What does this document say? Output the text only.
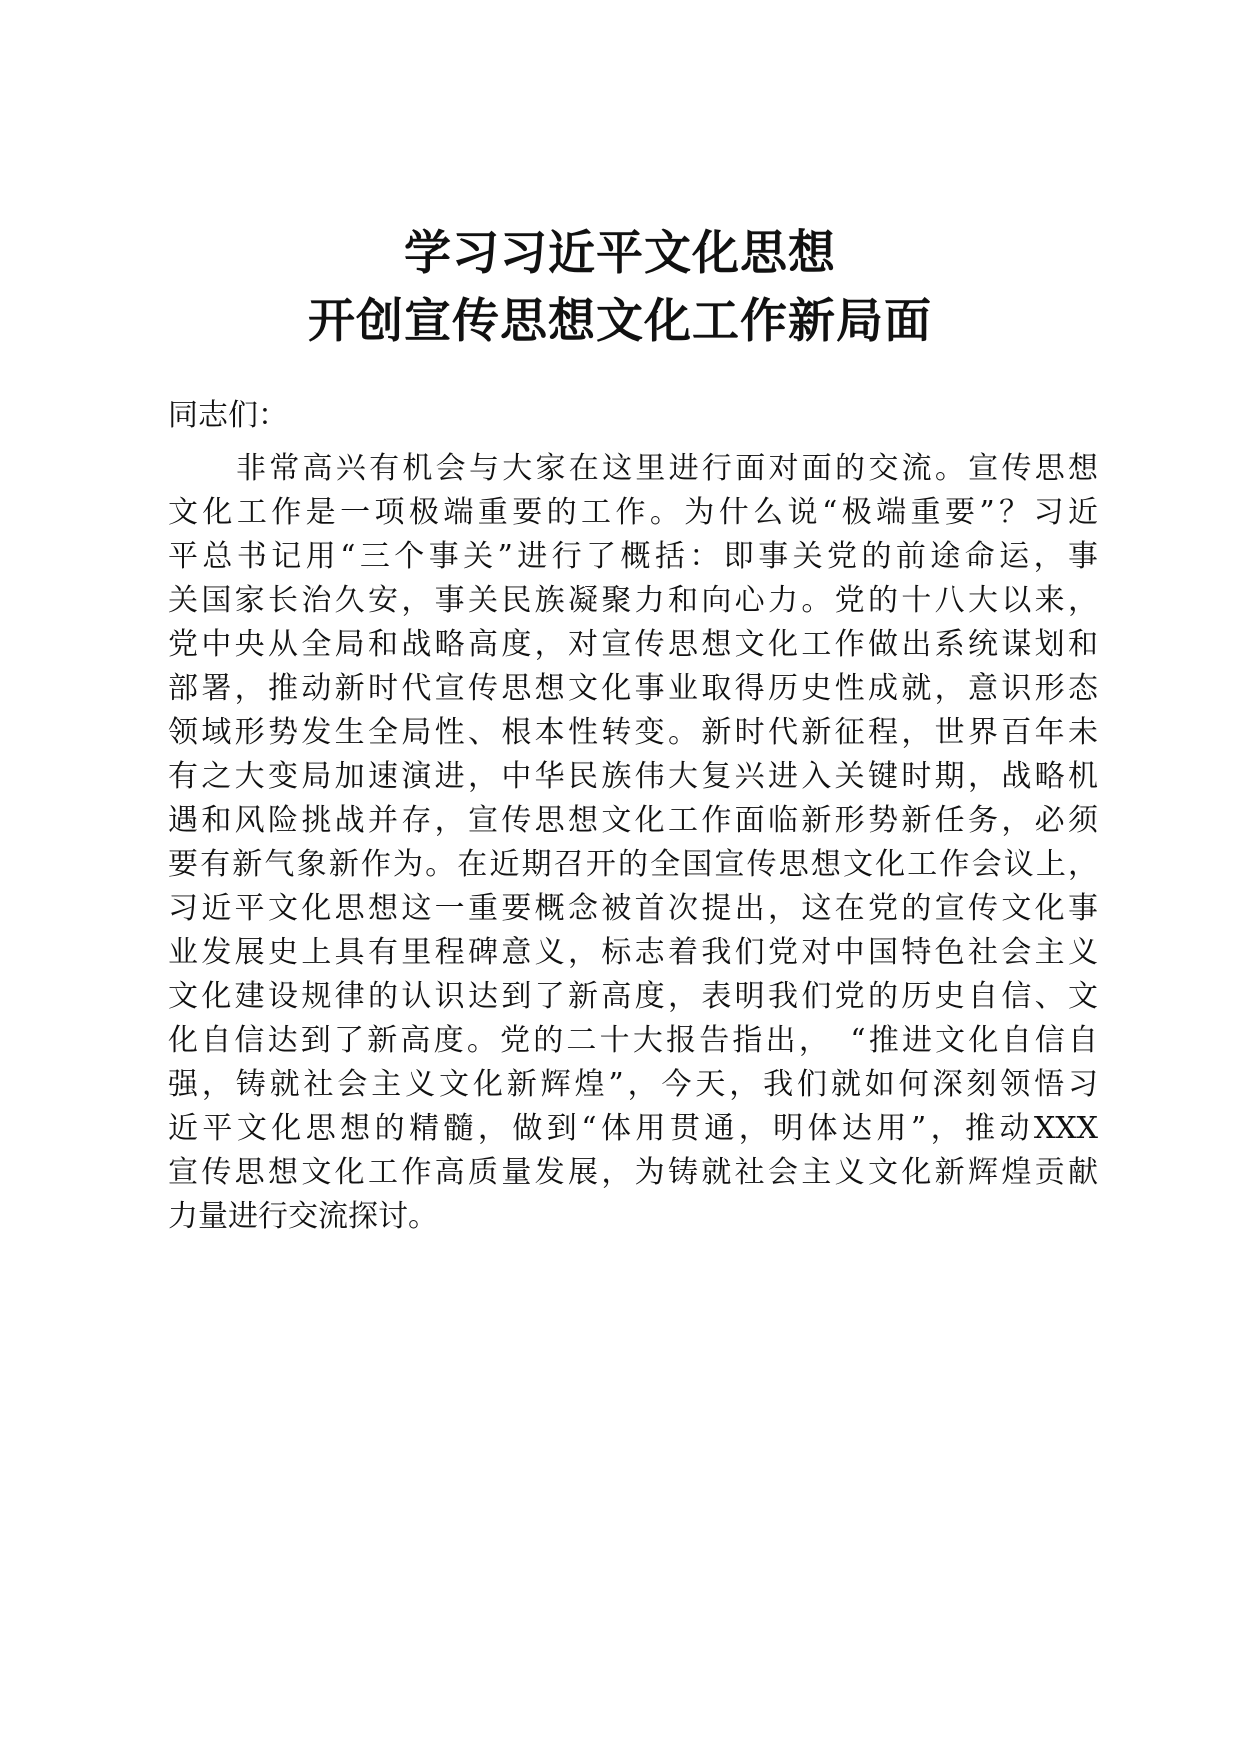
学习习近平文化思想
开创宣传思想文化工作新局面

同志们：

非常高兴有机会与大家在这里进行面对面的交流。宣传思想
文化工作是一项极端重要的工作。为什么说“极端重要”？习近
平总书记用“三个事关”进行了概括：即事关党的前途命运，事
关国家长治久安，事关民族凝聚力和向心力。党的十八大以来，
党中央从全局和战略高度，对宣传思想文化工作做出系统谋划和
部署，推动新时代宣传思想文化事业取得历史性成就，意识形态
领域形势发生全局性、根本性转变。新时代新征程，世界百年未
有之大变局加速演进，中华民族伟大复兴进入关键时期，战略机
遇和风险挑战并存，宣传思想文化工作面临新形势新任务，必须
要有新气象新作为。在近期召开的全国宣传思想文化工作会议上，
习近平文化思想这一重要概念被首次提出，这在党的宣传文化事
业发展史上具有里程碑意义，标志着我们党对中国特色社会主义
文化建设规律的认识达到了新高度，表明我们党的历史自信、文
化自信达到了新高度。党的二十大报告指出，　“推进文化自信自
强，铸就社会主义文化新辉煌”，今天，我们就如何深刻领悟习
近平文化思想的精髓，做到“体用贯通，明体达用”，推动XXX
宣传思想文化工作高质量发展，为铸就社会主义文化新辉煌贡献
力量进行交流探讨。
